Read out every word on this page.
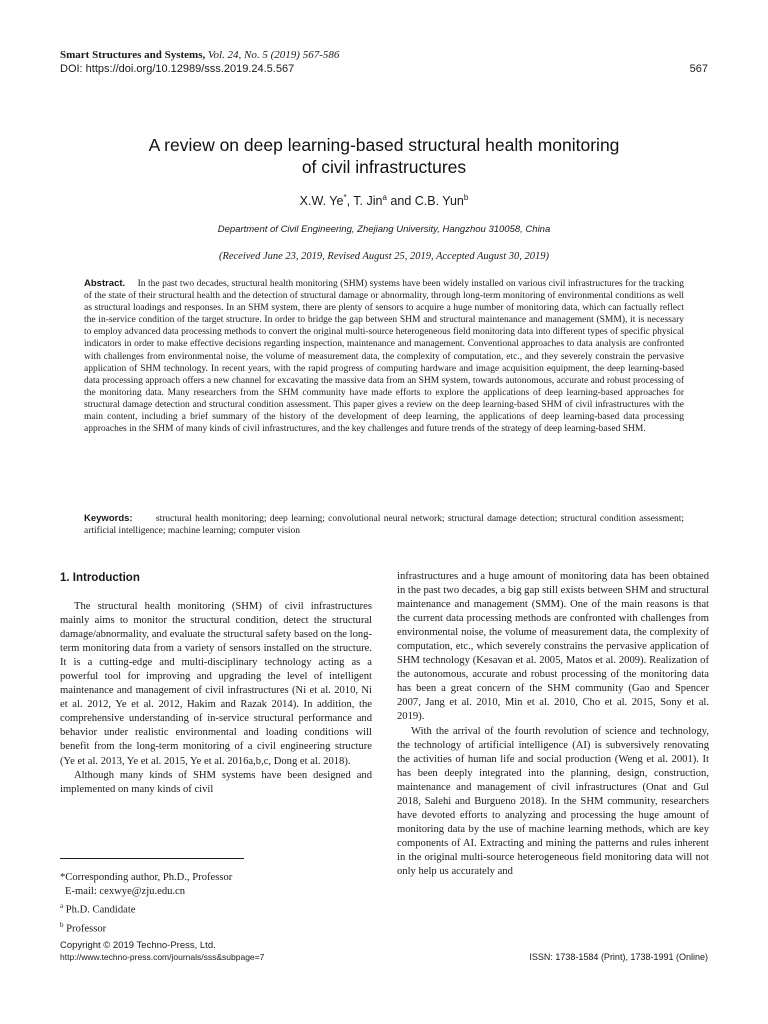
Smart Structures and Systems, Vol. 24, No. 5 (2019) 567-586
DOI: https://doi.org/10.12989/sss.2019.24.5.567	567
A review on deep learning-based structural health monitoring
of civil infrastructures
X.W. Ye*, T. Jin$^a$ and C.B. Yun$^b$
Department of Civil Engineering, Zhejiang University, Hangzhou 310058, China
(Received June 23, 2019, Revised August 25, 2019, Accepted August 30, 2019)
Abstract. In the past two decades, structural health monitoring (SHM) systems have been widely installed on various civil infrastructures for the tracking of the state of their structural health and the detection of structural damage or abnormality, through long-term monitoring of environmental conditions as well as structural loadings and responses. In an SHM system, there are plenty of sensors to acquire a huge number of monitoring data, which can factually reflect the in-service condition of the target structure. In order to bridge the gap between SHM and structural maintenance and management (SMM), it is necessary to employ advanced data processing methods to convert the original multi-source heterogeneous field monitoring data into different types of specific physical indicators in order to make effective decisions regarding inspection, maintenance and management. Conventional approaches to data analysis are confronted with challenges from environmental noise, the volume of measurement data, the complexity of computation, etc., and they severely constrain the pervasive application of SHM technology. In recent years, with the rapid progress of computing hardware and image acquisition equipment, the deep learning-based data processing approach offers a new channel for excavating the massive data from an SHM system, towards autonomous, accurate and robust processing of the monitoring data. Many researchers from the SHM community have made efforts to explore the applications of deep learning-based approaches for structural damage detection and structural condition assessment. This paper gives a review on the deep learning-based SHM of civil infrastructures with the main content, including a brief summary of the history of the development of deep learning, the applications of deep learning-based data processing approaches in the SHM of many kinds of civil infrastructures, and the key challenges and future trends of the strategy of deep learning-based SHM.
Keywords: structural health monitoring; deep learning; convolutional neural network; structural damage detection; structural condition assessment; artificial intelligence; machine learning; computer vision
1. Introduction

The structural health monitoring (SHM) of civil infrastructures mainly aims to monitor the structural condition, detect the structural damage/abnormality, and evaluate the structural safety based on the long-term monitoring data from a variety of sensors installed on the structure. It is a cutting-edge and multi-disciplinary technology acting as a powerful tool for improving and upgrading the level of intelligent maintenance and management of civil infrastructures (Ni et al. 2010, Ni et al. 2012, Ye et al. 2012, Hakim and Razak 2014). In addition, the comprehensive understanding of in-service structural performance and behavior under realistic environmental and loading conditions will benefit from the long-term monitoring of a civil engineering structure (Ye et al. 2013, Ye et al. 2015, Ye et al. 2016a,b,c, Dong et al. 2018).

Although many kinds of SHM systems have been designed and implemented on many kinds of civil

infrastructures and a huge amount of monitoring data has been obtained in the past two decades, a big gap still exists between SHM and structural maintenance and management (SMM). One of the main reasons is that the current data processing methods are confronted with challenges from environmental noise, the volume of measurement data, the complexity of computation, etc., which severely constrains the pervasive application of SHM technology (Kesavan et al. 2005, Matos et al. 2009). Realization of the autonomous, accurate and robust processing of the monitoring data has been a great concern of the SHM community (Gao and Spencer 2007, Jang et al. 2010, Min et al. 2010, Cho et al. 2015, Sony et al. 2019).

With the arrival of the fourth revolution of science and technology, the technology of artificial intelligence (AI) is subversively renovating the activities of human life and social production (Weng et al. 2001). It has been deeply integrated into the planning, design, construction, maintenance and management of civil infrastructures (Onat and Gul 2018, Salehi and Burgueno 2018). In the SHM community, researchers have devoted efforts to analyzing and processing the huge amount of monitoring data by the use of machine learning methods, which are key components of AI. Extracting and mining the patterns and rules inherent in the original multi-source heterogeneous field monitoring data will not only help us accurately and

*Corresponding author, Ph.D., Professor
E-mail: cexwye@zju.edu.cn
$^a$ Ph.D. Candidate
$^b$ Professor
Copyright © 2019 Techno-Press, Ltd.
http://www.techno-press.com/journals/sss&subpage=7	ISSN: 1738-1584 (Print), 1738-1991 (Online)
